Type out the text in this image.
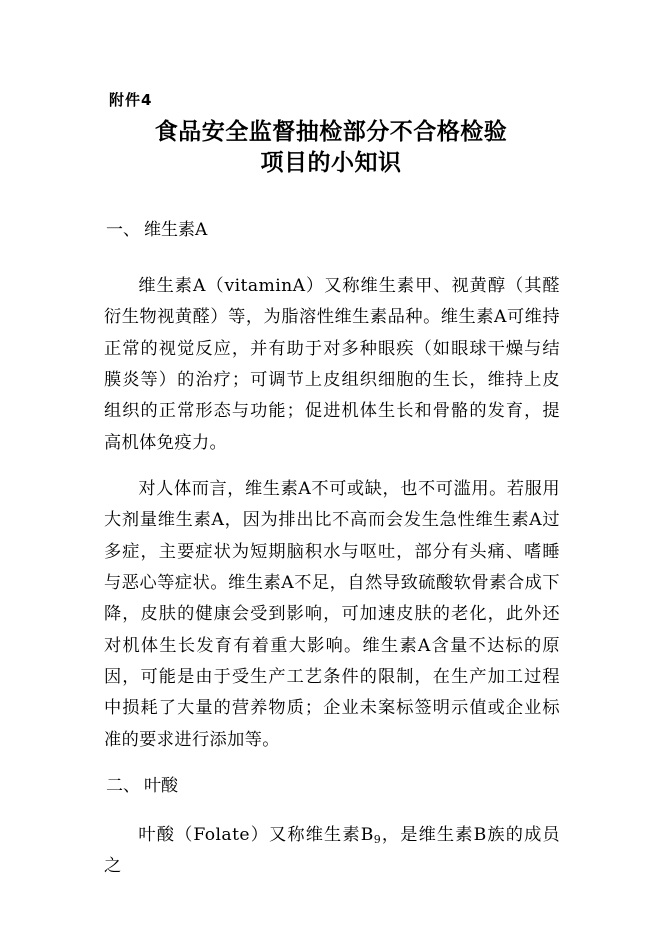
附件4
食品安全监督抽检部分不合格检验
项目的小知识
一、 维生素A

维生素A（vitaminA）又称维生素甲、视黄醇（其醛衍生物视黄醛）等，为脂溶性维生素品种。维生素A可维持正常的视觉反应，并有助于对多种眼疾（如眼球干燥与结膜炎等）的治疗；可调节上皮组织细胞的生长，维持上皮组织的正常形态与功能；促进机体生长和骨骼的发育，提高机体免疫力。

对人体而言，维生素A不可或缺，也不可滥用。若服用大剂量维生素A，因为排出比不高而会发生急性维生素A过多症，主要症状为短期脑积水与呕吐，部分有头痛、嗜睡与恶心等症状。维生素A不足，自然导致硫酸软骨素合成下降，皮肤的健康会受到影响，可加速皮肤的老化，此外还对机体生长发育有着重大影响。维生素A含量不达标的原因，可能是由于受生产工艺条件的限制，在生产加工过程中损耗了大量的营养物质；企业未案标签明示值或企业标准的要求进行添加等。

二、 叶酸

叶酸（Folate）又称维生素$B_9$，是维生素B族的成员之
